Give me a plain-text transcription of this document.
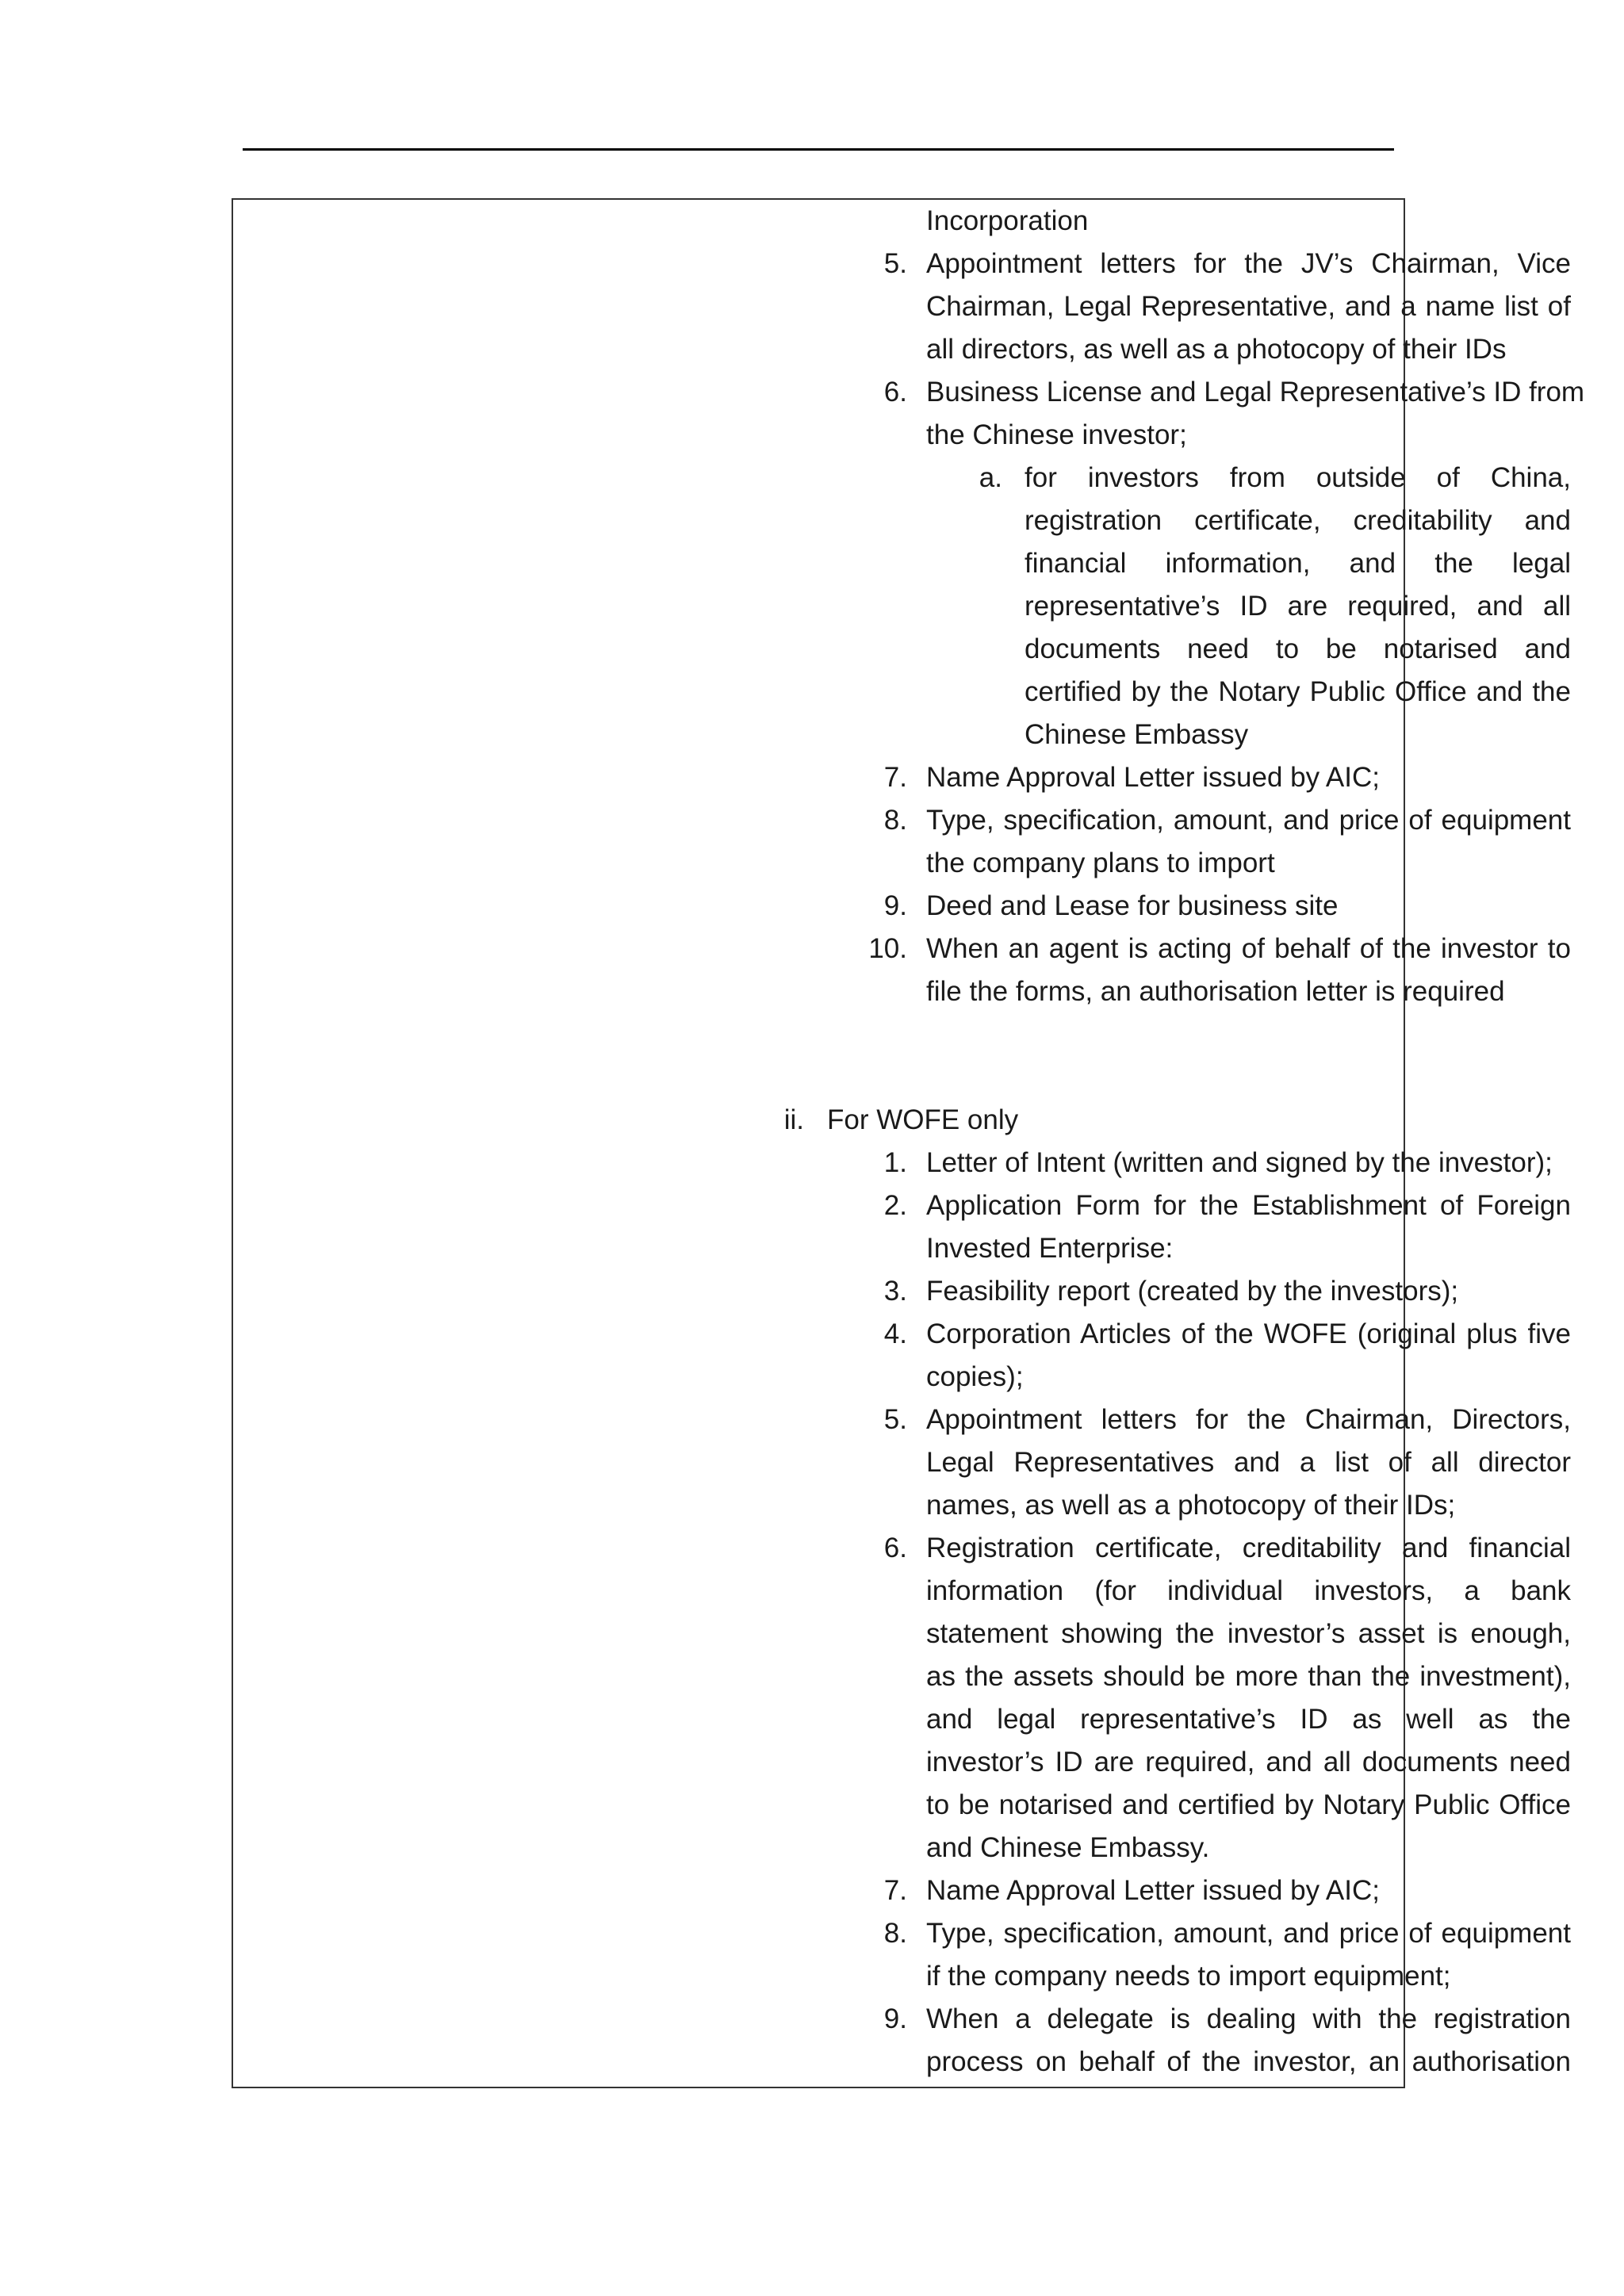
Incorporation
5. Appointment letters for the JV’s Chairman, Vice
Chairman, Legal Representative, and a name list of
all directors, as well as a photocopy of their IDs
6. Business License and Legal Representative’s ID from
the Chinese investor;
a. for investors from outside of China,
registration certificate, creditability and
financial information, and the legal
representative’s ID are required, and all
documents need to be notarised and
certified by the Notary Public Office and the
Chinese Embassy
7. Name Approval Letter issued by AIC;
8. Type, specification, amount, and price of equipment
the company plans to import
9. Deed and Lease for business site
10. When an agent is acting of behalf of the investor to
file the forms, an authorisation letter is required
ii. For WOFE only
1. Letter of Intent (written and signed by the investor);
2. Application Form for the Establishment of Foreign
Invested Enterprise:
3. Feasibility report (created by the investors);
4. Corporation Articles of the WOFE (original plus five
copies);
5. Appointment letters for the Chairman, Directors,
Legal Representatives and a list of all director
names, as well as a photocopy of their IDs;
6. Registration certificate, creditability and financial
information (for individual investors, a bank
statement showing the investor’s asset is enough,
as the assets should be more than the investment),
and legal representative’s ID as well as the
investor’s ID are required, and all documents need
to be notarised and certified by Notary Public Office
and Chinese Embassy.
7. Name Approval Letter issued by AIC;
8. Type, specification, amount, and price of equipment
if the company needs to import equipment;
9. When a delegate is dealing with the registration
process on behalf of the investor, an authorisation
